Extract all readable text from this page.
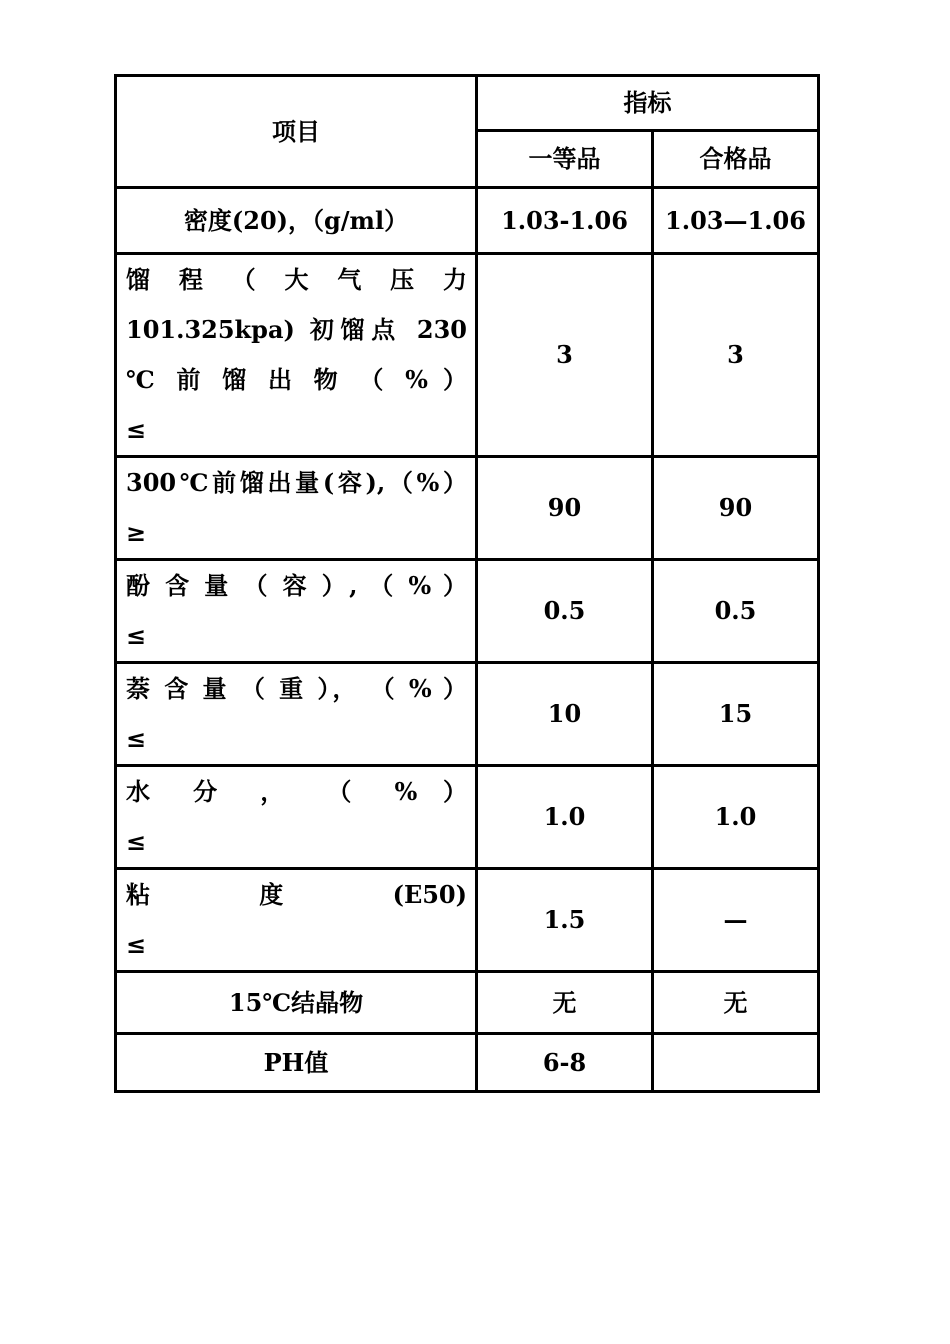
项目	指标	
	一等品	合格品
密度(20)，（g/ml）	1.03-1.06	1.03—1.06

馏 程 （ 大 气 压 力
101.325kpa) 初馏点 230
℃ 前 馏 出 物 （ % ）
≤	3	3

300℃前馏出量(容),（%）
≥	90	90

酚 含 量 （ 容 ）, （ % ）
≤	0.5	0.5

萘 含 量 （ 重 ）， （ % ）
≤	10	15

水 分 ， （ % ）
≤	1.0	1.0

粘 度 (E50)
≤	1.5	—
15℃结晶物	无	无
PH值	6-8	
